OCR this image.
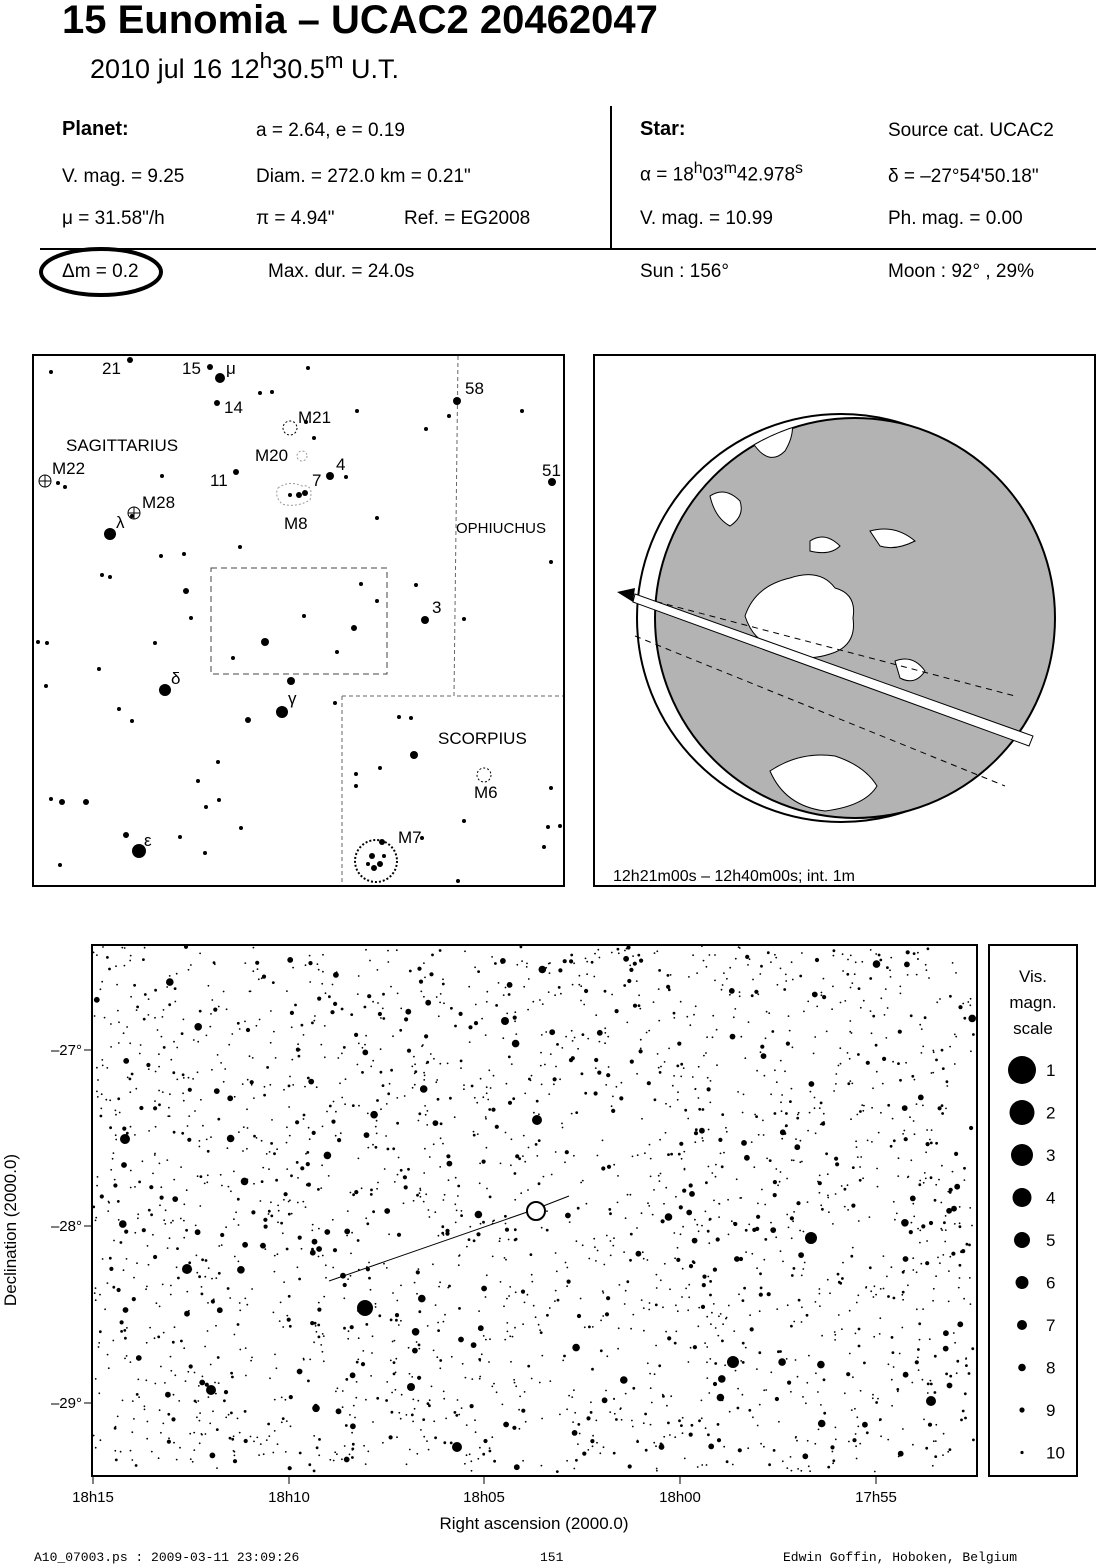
15 Eunomia – UCAC2 20462047
2010 jul 16 12$^h$30.5$^m$ U.T.
Planet:	a = 2.64, e = 0.19
V. mag. = 9.25	Diam. = 272.0 km = 0.21"
μ = 31.58"/h	π = 4.94"	Ref. = EG2008
Star:	Source cat. UCAC2
$\alpha = 18^h03^m42.978^s$	δ = –27°54'50.18"
V. mag. = 10.99	Ph. mag. = 0.00
Δm = 0.2	Max. dur. = 24.0s	Sun : 156°	Moon : 92° , 29%
21	15 μ
14
58
M21
M20	4
M22
11	7
51
M28
λ	M8
3
δ
γ
M6
ε	M7
SAGITTARIUS
OPHIUCHUS
SCORPIUS
12h21m00s – 12h40m00s; int. 1m
–27°
–28°
–29°
18h15	18h10	18h05	18h00	17h55
Right ascension (2000.0)
Declination (2000.0)
Vis.
magn.
scale
1
2
3
4
5
6
7
8
9
10
A10_07003.ps : 2009-03-11 23:09:26	151	Edwin Goffin, Hoboken, Belgium
